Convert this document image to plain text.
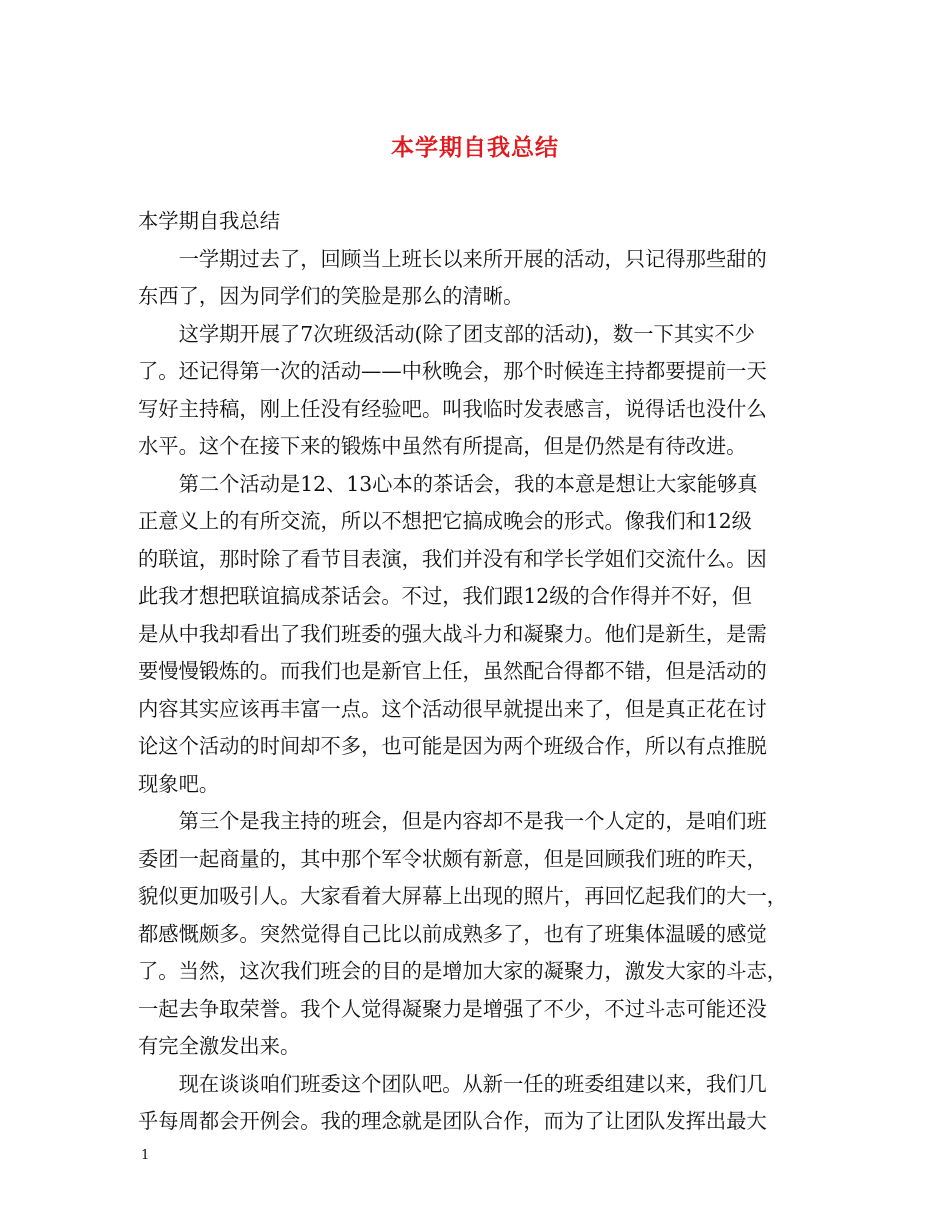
本学期自我总结
本学期自我总结
　　一学期过去了，回顾当上班长以来所开展的活动，只记得那些甜的
东西了，因为同学们的笑脸是那么的清晰。
　　这学期开展了7次班级活动(除了团支部的活动)，数一下其实不少
了。还记得第一次的活动——中秋晚会，那个时候连主持都要提前一天
写好主持稿，刚上任没有经验吧。叫我临时发表感言，说得话也没什么
水平。这个在接下来的锻炼中虽然有所提高，但是仍然是有待改进。
　　第二个活动是12、13心本的茶话会，我的本意是想让大家能够真
正意义上的有所交流，所以不想把它搞成晚会的形式。像我们和12级
的联谊，那时除了看节目表演，我们并没有和学长学姐们交流什么。因
此我才想把联谊搞成茶话会。不过，我们跟12级的合作得并不好，但
是从中我却看出了我们班委的强大战斗力和凝聚力。他们是新生，是需
要慢慢锻炼的。而我们也是新官上任，虽然配合得都不错，但是活动的
内容其实应该再丰富一点。这个活动很早就提出来了，但是真正花在讨
论这个活动的时间却不多，也可能是因为两个班级合作，所以有点推脱
现象吧。
　　第三个是我主持的班会，但是内容却不是我一个人定的，是咱们班
委团一起商量的，其中那个军令状颇有新意，但是回顾我们班的昨天，
貌似更加吸引人。大家看着大屏幕上出现的照片，再回忆起我们的大一，
都感慨颇多。突然觉得自己比以前成熟多了，也有了班集体温暖的感觉
了。当然，这次我们班会的目的是增加大家的凝聚力，激发大家的斗志，
一起去争取荣誉。我个人觉得凝聚力是增强了不少，不过斗志可能还没
有完全激发出来。
　　现在谈谈咱们班委这个团队吧。从新一任的班委组建以来，我们几
乎每周都会开例会。我的理念就是团队合作，而为了让团队发挥出最大
1
